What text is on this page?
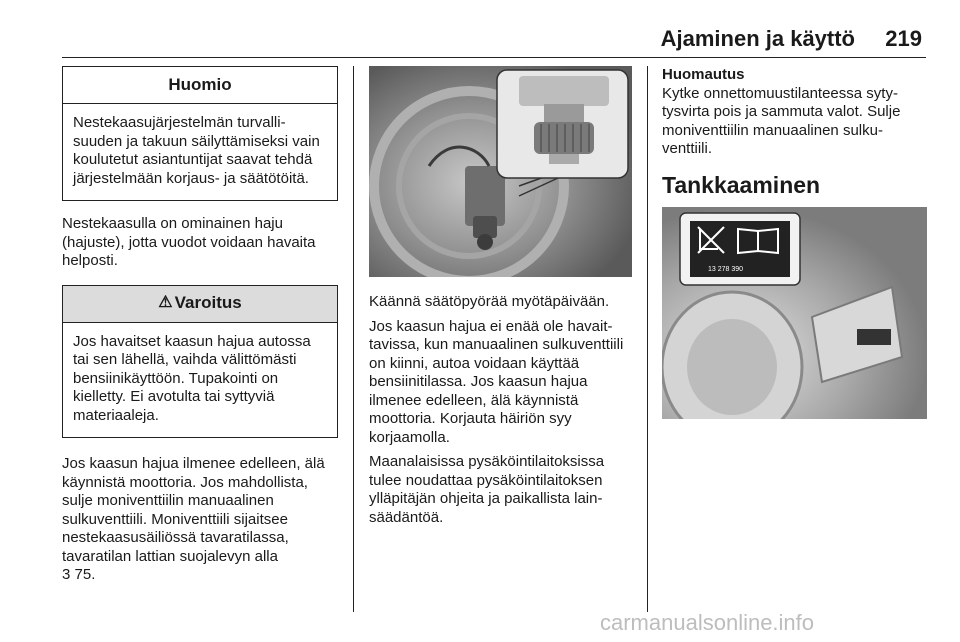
Ajaminen ja käyttö 219
Huomio
Nestekaasujärjestelmän turvallisuuden ja takuun säilyttämiseksi vain koulutetut asiantuntijat saavat tehdä järjestelmään korjaus- ja säätötöitä.

Nestekaasulla on ominainen haju (hajuste), jotta vuodot voidaan havaita helposti.

⚠ Varoitus
Jos havaitset kaasun hajua autossa tai sen lähellä, vaihda välittömästi bensiinikäyttöön. Tupakointi on kielletty. Ei avotulta tai syttyviä materiaaleja.

Jos kaasun hajua ilmenee edelleen, älä käynnistä moottoria. Jos mahdollista, sulje moniventtiilin manuaalinen sulkuventtiili. Moniventtiili sijaitsee nestekaasusäiliössä tavaratilassa, tavaratilan lattian suojalevyn alla
3 75.

Käännä säätöpyörää myötäpäivään.

Jos kaasun hajua ei enää ole havaittavissa, kun manuaalinen sulkuventtiili on kiinni, autoa voidaan käyttää bensiinitilassa. Jos kaasun hajua ilmenee edelleen, älä käynnistä moottoria. Korjauta häiriön syy korjaamolla.

Maanalaisissa pysäköintilaitoksissa tulee noudattaa pysäköintilaitoksen ylläpitäjän ohjeita ja paikallista lainsäädäntöä.

Huomautus

Kytke onnettomuustilanteessa sytytysvirta pois ja sammuta valot. Sulje moniventtiilin manuaalinen sulkuventtiili.

Tankkaaminen
13 278 390
carmanualsonline.info
